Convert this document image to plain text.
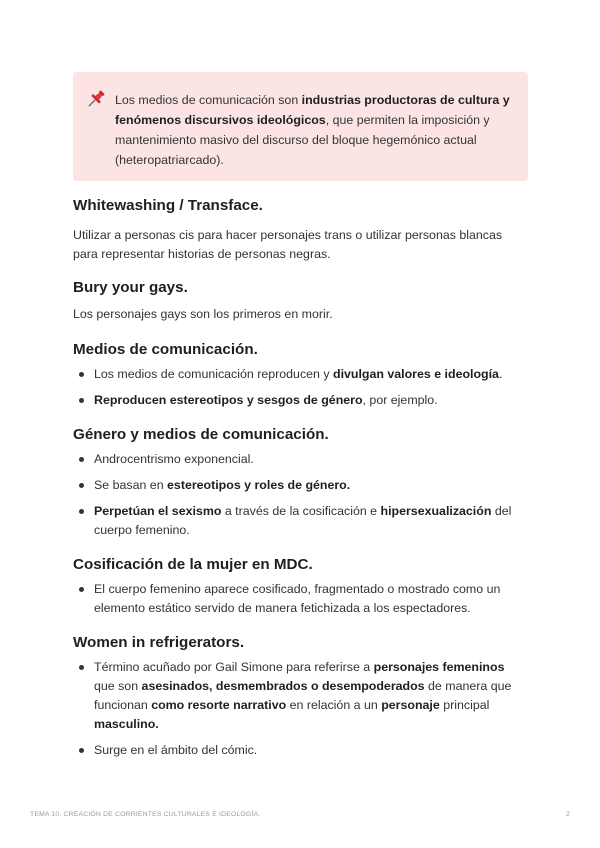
Los medios de comunicación son industrias productoras de cultura y fenómenos discursivos ideológicos, que permiten la imposición y mantenimiento masivo del discurso del bloque hegemónico actual (heteropatriarcado).

Whitewashing / Transface.

Utilizar a personas cis para hacer personajes trans o utilizar personas blancas para representar historias de personas negras.

Bury your gays.

Los personajes gays son los primeros en morir.

Medios de comunicación.
Los medios de comunicación reproducen y divulgan valores e ideología.
Reproducen estereotipos y sesgos de género, por ejemplo.
Género y medios de comunicación.
Androcentrismo exponencial.
Se basan en estereotipos y roles de género.
Perpetúan el sexismo a través de la cosificación e hipersexualización del cuerpo femenino.
Cosificación de la mujer en MDC.
El cuerpo femenino aparece cosificado, fragmentado o mostrado como un elemento estático servido de manera fetichizada a los espectadores.
Women in refrigerators.
Término acuñado por Gail Simone para referirse a personajes femeninos que son asesinados, desmembrados o desempoderados de manera que funcionan como resorte narrativo en relación a un personaje principal masculino.
Surge en el ámbito del cómic.
TEMA 10. CREACIÓN DE CORRIENTES CULTURALES E IDEOLOGÍA.	2
